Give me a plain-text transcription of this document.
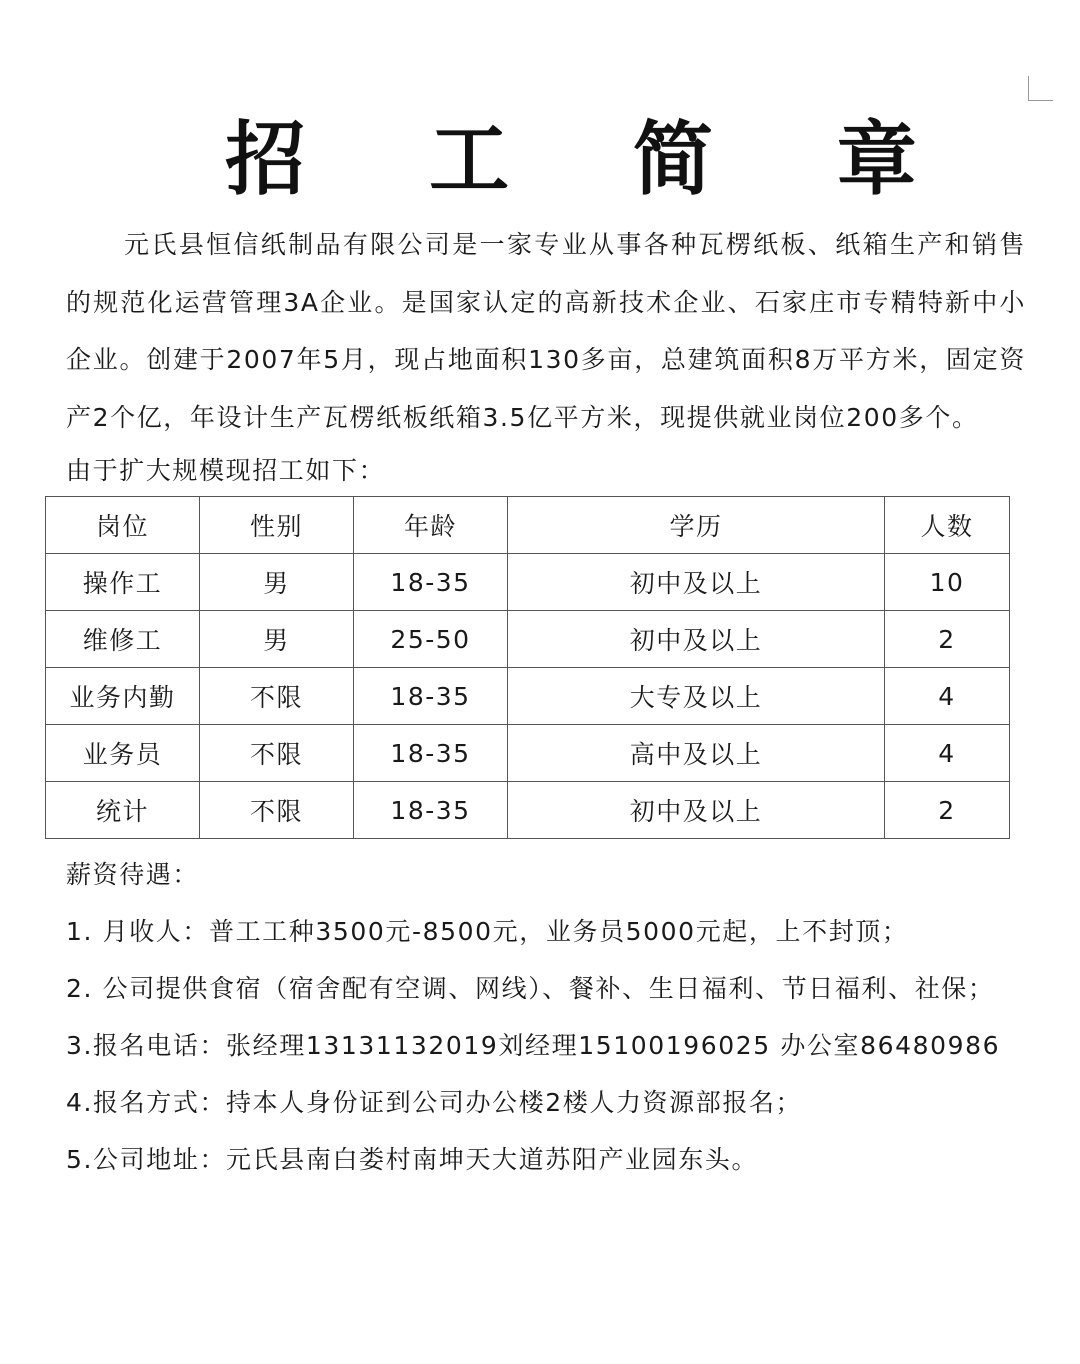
招 工 简 章

元氏县恒信纸制品有限公司是一家专业从事各种瓦楞纸板、纸箱生产和销售的规范化运营管理3A企业。是国家认定的高新技术企业、石家庄市专精特新中小企业。创建于2007年5月，现占地面积130多亩，总建筑面积8万平方米，固定资产2个亿，年设计生产瓦楞纸板纸箱3.5亿平方米，现提供就业岗位200多个。

由于扩大规模现招工如下：
岗位	性别	年龄	学历	人数
操作工	男	18-35	初中及以上	10
维修工	男	25-50	初中及以上	2
业务内勤	不限	18-35	大专及以上	4
业务员	不限	18-35	高中及以上	4
统计	不限	18-35	初中及以上	2
薪资待遇：
1. 月收人：普工工种3500元-8500元，业务员5000元起，上不封顶；
2. 公司提供食宿（宿舍配有空调、网线）、餐补、生日福利、节日福利、社保；
3.报名电话：张经理13131132019刘经理15100196025 办公室86480986
4.报名方式：持本人身份证到公司办公楼2楼人力资源部报名；
5.公司地址：元氏县南白娄村南坤天大道苏阳产业园东头。
